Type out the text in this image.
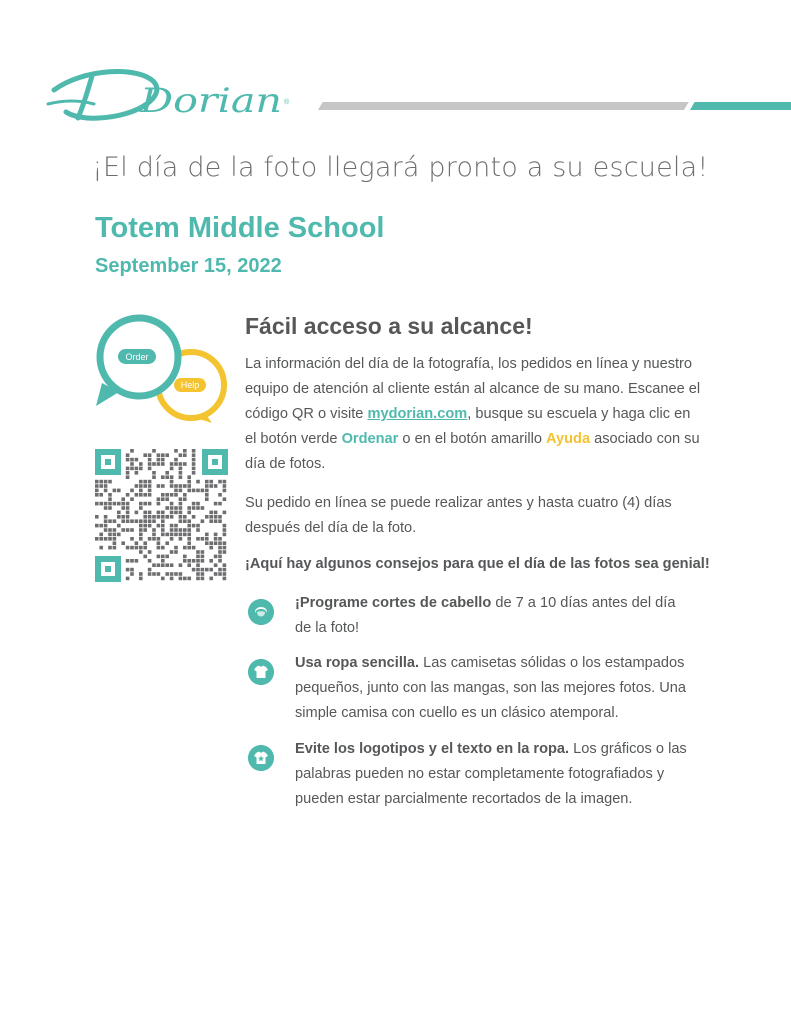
Dorian ®
¡El día de la foto llegará pronto a su escuela!
Totem Middle School
September 15, 2022
Order
Help
Fácil acceso a su alcance!
La información del día de la fotografía, los pedidos en línea y nuestro equipo de atención al cliente están al alcance de su mano. Escanee el código QR o visite mydorian.com, busque su escuela y haga clic en el botón verde Ordenar o en el botón amarillo Ayuda asociado con su día de fotos.
Su pedido en línea se puede realizar antes y hasta cuatro (4) días después del día de la foto.
¡Aquí hay algunos consejos para que el día de las fotos sea genial!
¡Programe cortes de cabello de 7 a 10 días antes del día de la foto!
Usa ropa sencilla. Las camisetas sólidas o los estampados pequeños, junto con las mangas, son las mejores fotos. Una simple camisa con cuello es un clásico atemporal.
Evite los logotipos y el texto en la ropa. Los gráficos o las palabras pueden no estar completamente fotografiados y pueden estar parcialmente recortados de la imagen.
